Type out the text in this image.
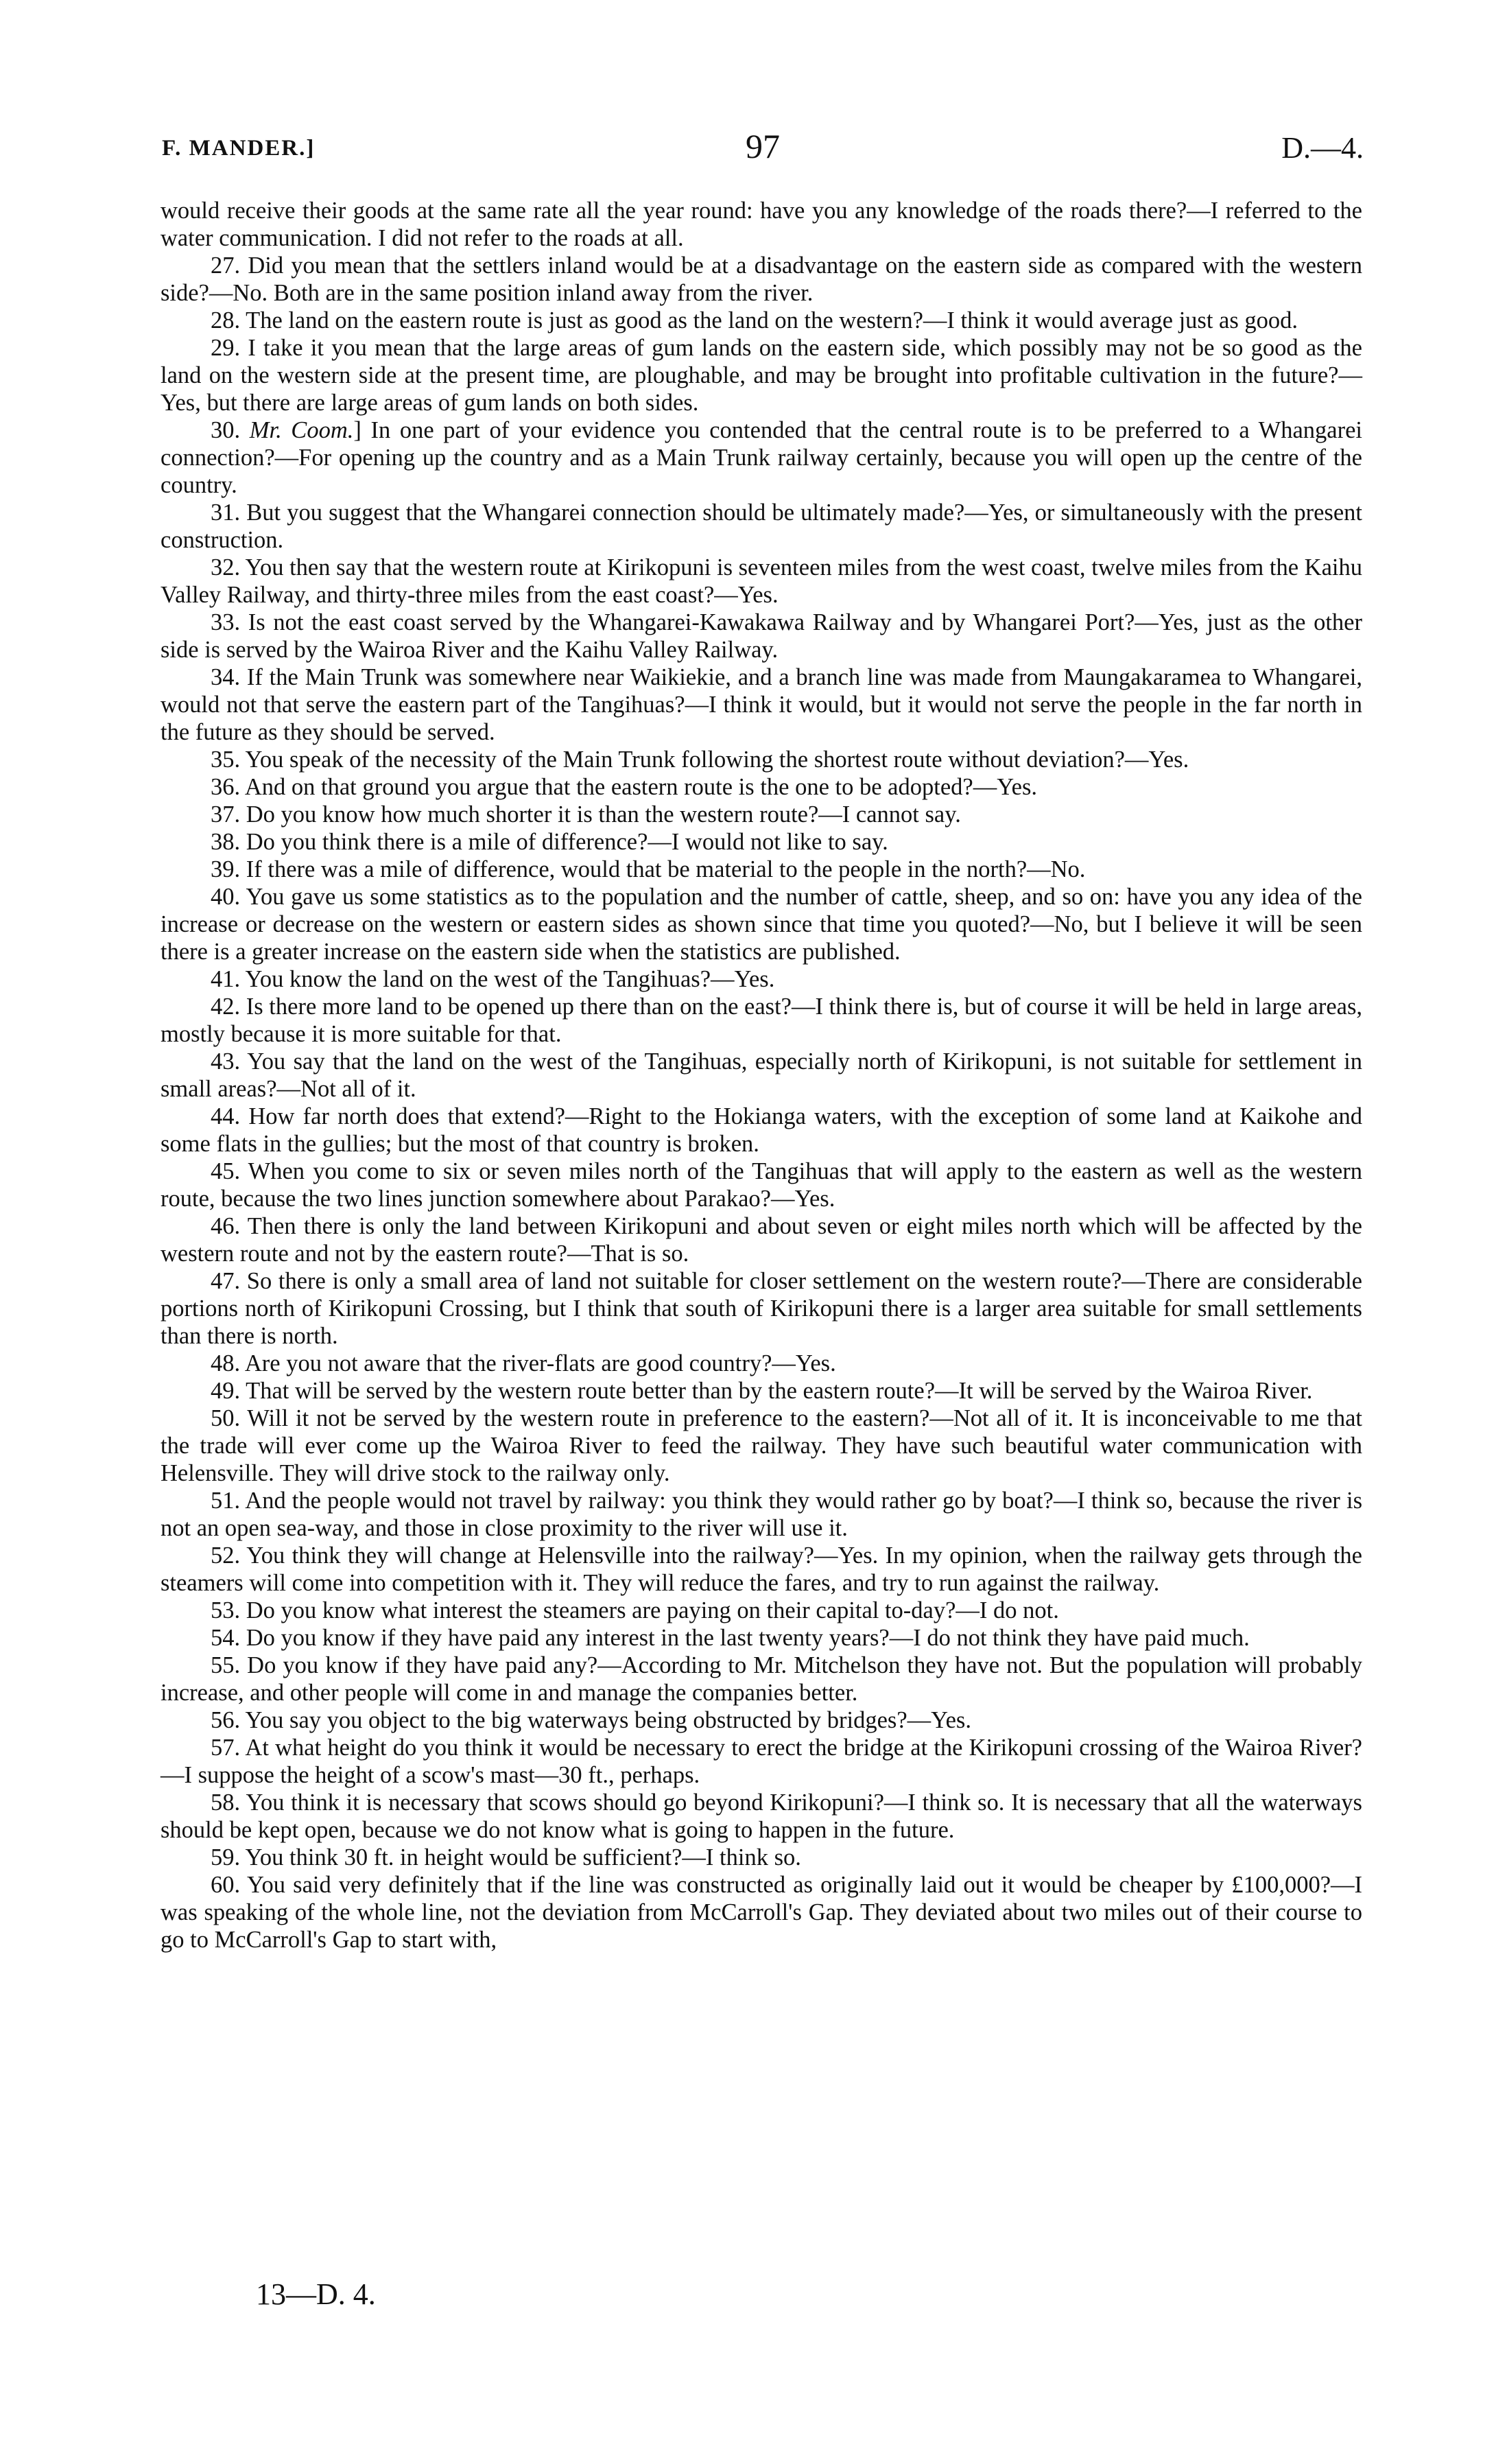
F. MANDER.]	97	D.—4.

would receive their goods at the same rate all the year round: have you any knowledge of the roads there?—I referred to the water communication. I did not refer to the roads at all.

27. Did you mean that the settlers inland would be at a disadvantage on the eastern side as compared with the western side?—No. Both are in the same position inland away from the river.

28. The land on the eastern route is just as good as the land on the western?—I think it would average just as good.

29. I take it you mean that the large areas of gum lands on the eastern side, which possibly may not be so good as the land on the western side at the present time, are ploughable, and may be brought into profitable cultivation in the future?—Yes, but there are large areas of gum lands on both sides.

30. Mr. Coom.] In one part of your evidence you contended that the central route is to be preferred to a Whangarei connection?—For opening up the country and as a Main Trunk railway certainly, because you will open up the centre of the country.

31. But you suggest that the Whangarei connection should be ultimately made?—Yes, or simultaneously with the present construction.

32. You then say that the western route at Kirikopuni is seventeen miles from the west coast, twelve miles from the Kaihu Valley Railway, and thirty-three miles from the east coast?—Yes.

33. Is not the east coast served by the Whangarei-Kawakawa Railway and by Whangarei Port?—Yes, just as the other side is served by the Wairoa River and the Kaihu Valley Railway.

34. If the Main Trunk was somewhere near Waikiekie, and a branch line was made from Maungakaramea to Whangarei, would not that serve the eastern part of the Tangihuas?—I think it would, but it would not serve the people in the far north in the future as they should be served.

35. You speak of the necessity of the Main Trunk following the shortest route without deviation?—Yes.

36. And on that ground you argue that the eastern route is the one to be adopted?—Yes.

37. Do you know how much shorter it is than the western route?—I cannot say.

38. Do you think there is a mile of difference?—I would not like to say.

39. If there was a mile of difference, would that be material to the people in the north?—No.

40. You gave us some statistics as to the population and the number of cattle, sheep, and so on: have you any idea of the increase or decrease on the western or eastern sides as shown since that time you quoted?—No, but I believe it will be seen there is a greater increase on the eastern side when the statistics are published.

41. You know the land on the west of the Tangihuas?—Yes.

42. Is there more land to be opened up there than on the east?—I think there is, but of course it will be held in large areas, mostly because it is more suitable for that.

43. You say that the land on the west of the Tangihuas, especially north of Kirikopuni, is not suitable for settlement in small areas?—Not all of it.

44. How far north does that extend?—Right to the Hokianga waters, with the exception of some land at Kaikohe and some flats in the gullies; but the most of that country is broken.

45. When you come to six or seven miles north of the Tangihuas that will apply to the eastern as well as the western route, because the two lines junction somewhere about Parakao?—Yes.

46. Then there is only the land between Kirikopuni and about seven or eight miles north which will be affected by the western route and not by the eastern route?—That is so.

47. So there is only a small area of land not suitable for closer settlement on the western route?—There are considerable portions north of Kirikopuni Crossing, but I think that south of Kirikopuni there is a larger area suitable for small settlements than there is north.

48. Are you not aware that the river-flats are good country?—Yes.

49. That will be served by the western route better than by the eastern route?—It will be served by the Wairoa River.

50. Will it not be served by the western route in preference to the eastern?—Not all of it. It is inconceivable to me that the trade will ever come up the Wairoa River to feed the railway. They have such beautiful water communication with Helensville. They will drive stock to the railway only.

51. And the people would not travel by railway: you think they would rather go by boat?—I think so, because the river is not an open sea-way, and those in close proximity to the river will use it.

52. You think they will change at Helensville into the railway?—Yes. In my opinion, when the railway gets through the steamers will come into competition with it. They will reduce the fares, and try to run against the railway.

53. Do you know what interest the steamers are paying on their capital to-day?—I do not.

54. Do you know if they have paid any interest in the last twenty years?—I do not think they have paid much.

55. Do you know if they have paid any?—According to Mr. Mitchelson they have not. But the population will probably increase, and other people will come in and manage the companies better.

56. You say you object to the big waterways being obstructed by bridges?—Yes.

57. At what height do you think it would be necessary to erect the bridge at the Kirikopuni crossing of the Wairoa River?—I suppose the height of a scow's mast—30 ft., perhaps.

58. You think it is necessary that scows should go beyond Kirikopuni?—I think so. It is necessary that all the waterways should be kept open, because we do not know what is going to happen in the future.

59. You think 30 ft. in height would be sufficient?—I think so.

60. You said very definitely that if the line was constructed as originally laid out it would be cheaper by £100,000?—I was speaking of the whole line, not the deviation from McCarroll's Gap. They deviated about two miles out of their course to go to McCarroll's Gap to start with,

13—D. 4.
